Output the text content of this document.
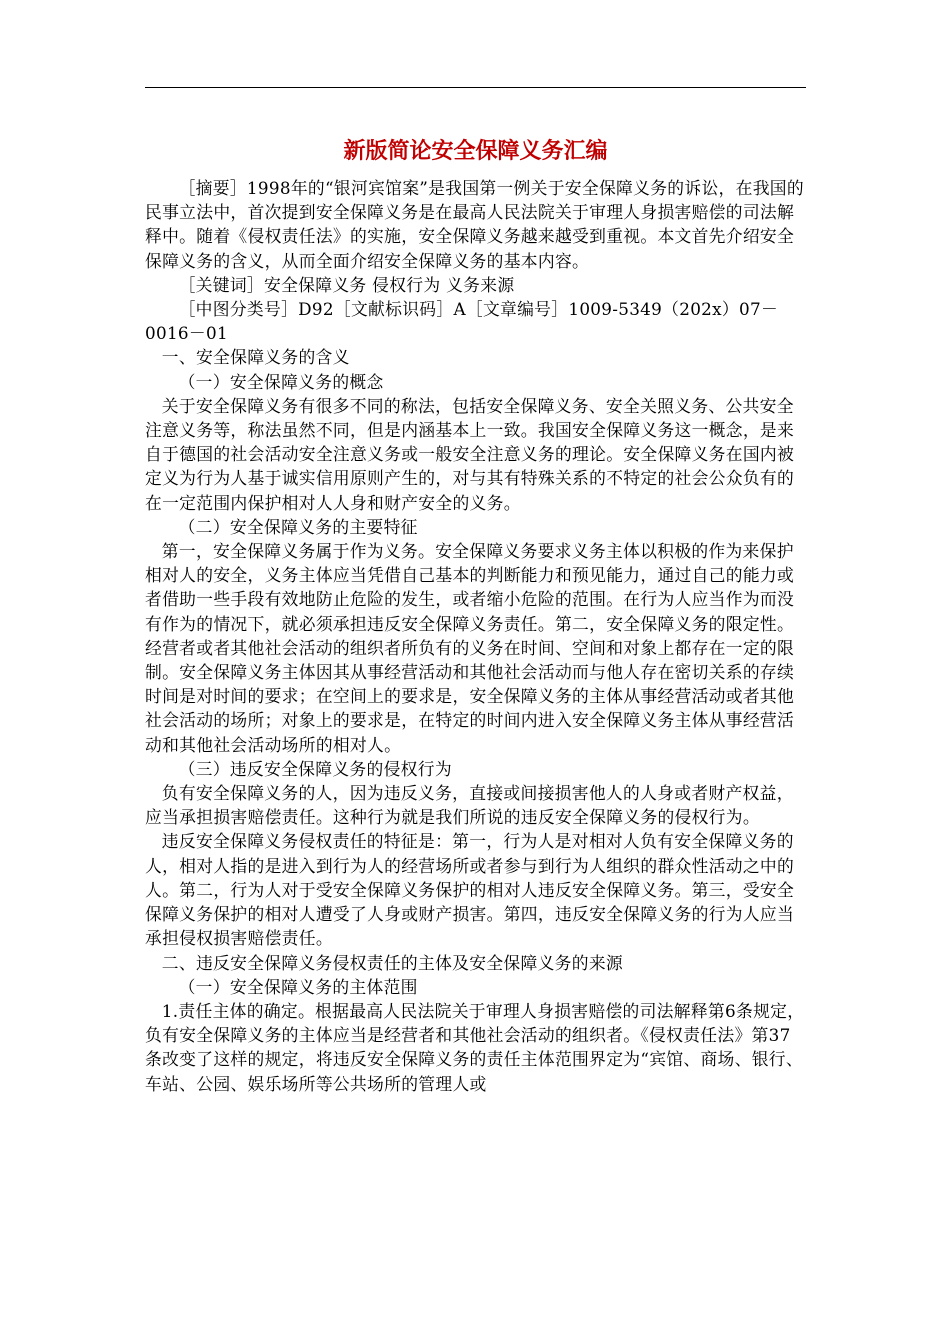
新版简论安全保障义务汇编

［摘要］1998年的“银河宾馆案”是我国第一例关于安全保障义务的诉讼，在我国的民事立法中，首次提到安全保障义务是在最高人民法院关于审理人身损害赔偿的司法解释中。随着《侵权责任法》的实施，安全保障义务越来越受到重视。本文首先介绍安全保障义务的含义，从而全面介绍安全保障义务的基本内容。

［关键词］安全保障义务 侵权行为 义务来源

［中图分类号］D92［文献标识码］A［文章编号］1009-5349（202x）07－0016－01

一、安全保障义务的含义

（一）安全保障义务的概念

关于安全保障义务有很多不同的称法，包括安全保障义务、安全关照义务、公共安全注意义务等，称法虽然不同，但是内涵基本上一致。我国安全保障义务这一概念，是来自于德国的社会活动安全注意义务或一般安全注意义务的理论。安全保障义务在国内被定义为行为人基于诚实信用原则产生的，对与其有特殊关系的不特定的社会公众负有的在一定范围内保护相对人人身和财产安全的义务。

（二）安全保障义务的主要特征

第一，安全保障义务属于作为义务。安全保障义务要求义务主体以积极的作为来保护相对人的安全，义务主体应当凭借自己基本的判断能力和预见能力，通过自己的能力或者借助一些手段有效地防止危险的发生，或者缩小危险的范围。在行为人应当作为而没有作为的情况下，就必须承担违反安全保障义务责任。第二，安全保障义务的限定性。经营者或者其他社会活动的组织者所负有的义务在时间、空间和对象上都存在一定的限制。安全保障义务主体因其从事经营活动和其他社会活动而与他人存在密切关系的存续时间是对时间的要求；在空间上的要求是，安全保障义务的主体从事经营活动或者其他社会活动的场所；对象上的要求是，在特定的时间内进入安全保障义务主体从事经营活动和其他社会活动场所的相对人。

（三）违反安全保障义务的侵权行为

负有安全保障义务的人，因为违反义务，直接或间接损害他人的人身或者财产权益，应当承担损害赔偿责任。这种行为就是我们所说的违反安全保障义务的侵权行为。

违反安全保障义务侵权责任的特征是：第一，行为人是对相对人负有安全保障义务的人，相对人指的是进入到行为人的经营场所或者参与到行为人组织的群众性活动之中的人。第二，行为人对于受安全保障义务保护的相对人违反安全保障义务。第三，受安全保障义务保护的相对人遭受了人身或财产损害。第四，违反安全保障义务的行为人应当承担侵权损害赔偿责任。

二、违反安全保障义务侵权责任的主体及安全保障义务的来源

（一）安全保障义务的主体范围

1.责任主体的确定。根据最高人民法院关于审理人身损害赔偿的司法解释第6条规定，负有安全保障义务的主体应当是经营者和其他社会活动的组织者。《侵权责任法》第37条改变了这样的规定，将违反安全保障义务的责任主体范围界定为“宾馆、商场、银行、车站、公园、娱乐场所等公共场所的管理人或
